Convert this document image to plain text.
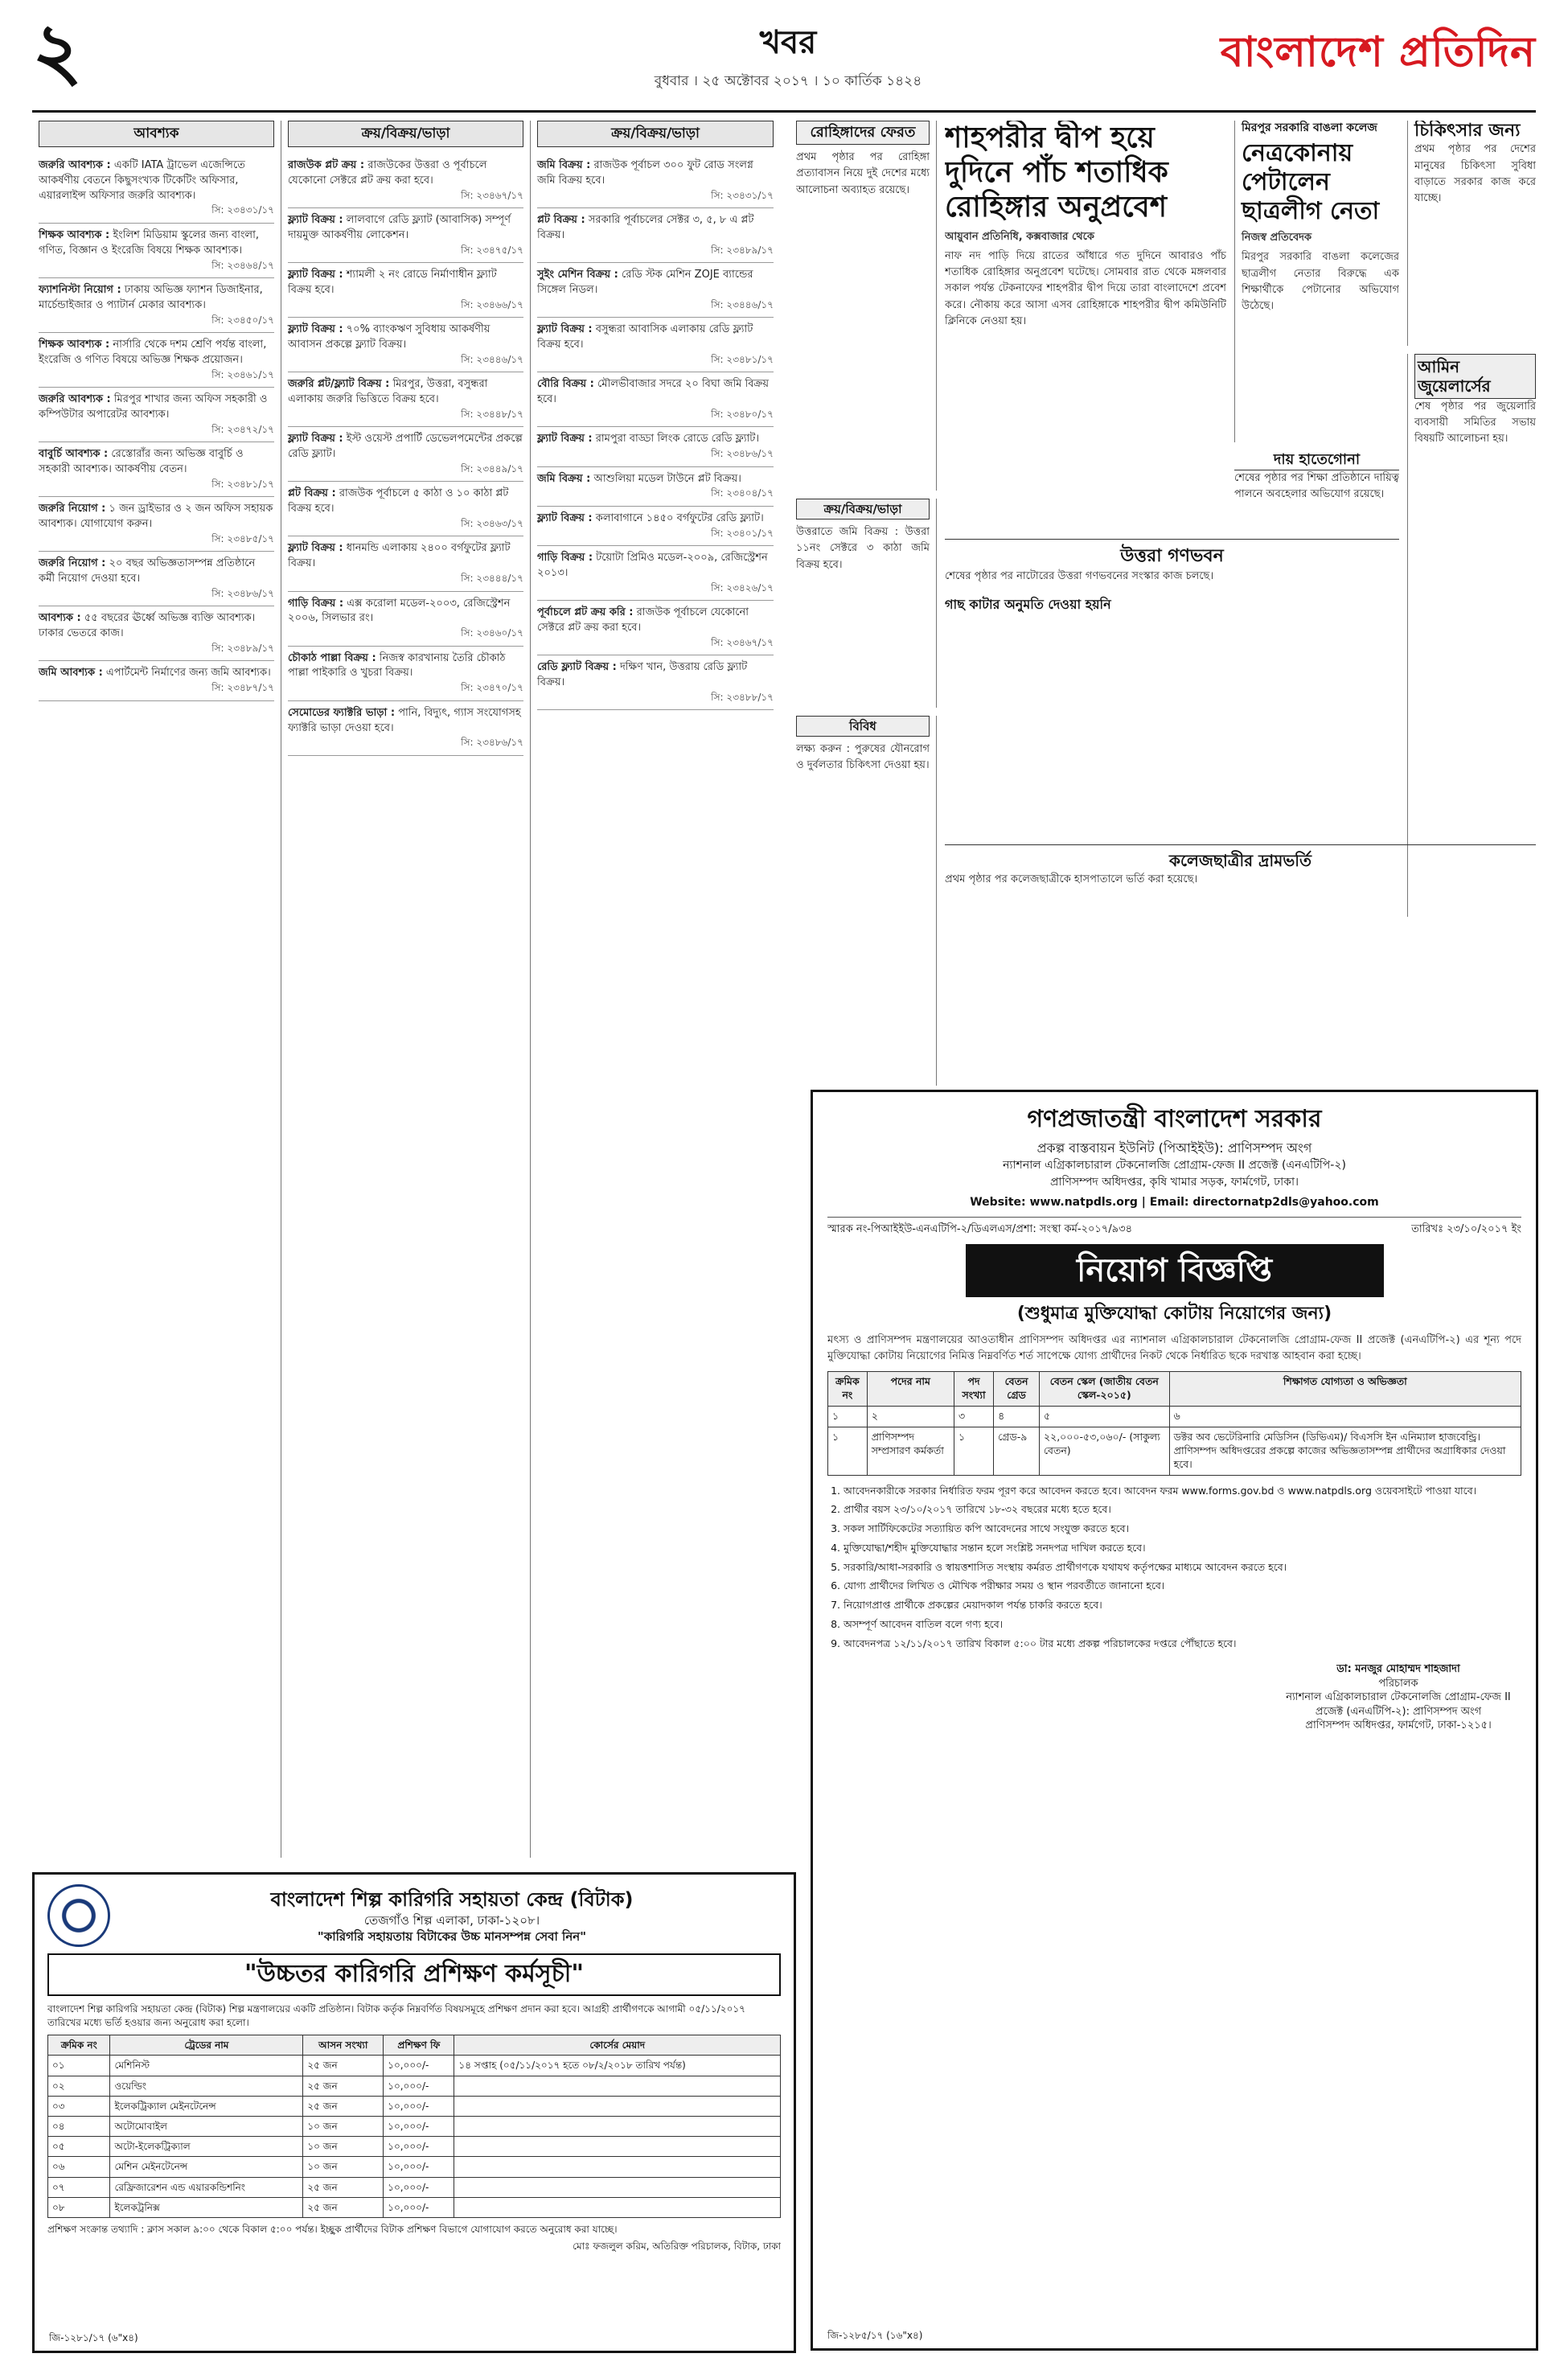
২	খবর
বুধবার । ২৫ অক্টোবর ২০১৭ । ১০ কার্তিক ১৪২৪
বাংলাদেশ প্রতিদিন
আবশ্যক
জরুরি আবশ্যক : একটি IATA ট্রাভেল এজেন্সিতে আকর্ষণীয় বেতনে কিছুসংখ্যক টিকেটিং অফিসার, এয়ারলাইন্স অফিসার জরুরি আবশ্যক।
সি: ২৩৪৩১/১৭
শিক্ষক আবশ্যক : ইংলিশ মিডিয়াম স্কুলের জন্য বাংলা, গণিত, বিজ্ঞান ও ইংরেজি বিষয়ে শিক্ষক আবশ্যক।
সি: ২৩৪৬৪/১৭
ফ্যাশনিস্টা নিয়োগ : ঢাকায় অভিজ্ঞ ফ্যাশন ডিজাইনার, মার্চেন্ডাইজার ও প্যাটার্ন মেকার আবশ্যক।
সি: ২৩৪৫০/১৭
শিক্ষক আবশ্যক : নার্সারি থেকে দশম শ্রেণি পর্যন্ত বাংলা, ইংরেজি ও গণিত বিষয়ে অভিজ্ঞ শিক্ষক প্রয়োজন।
সি: ২৩৪৬১/১৭
জরুরি আবশ্যক : মিরপুর শাখার জন্য অফিস সহকারী ও কম্পিউটার অপারেটর আবশ্যক।
সি: ২৩৪৭২/১৭
বাবুর্চি আবশ্যক : রেস্তোরাঁর জন্য অভিজ্ঞ বাবুর্চি ও সহকারী আবশ্যক। আকর্ষণীয় বেতন।
সি: ২৩৪৮১/১৭
জরুরি নিয়োগ : ১ জন ড্রাইভার ও ২ জন অফিস সহায়ক আবশ্যক। যোগাযোগ করুন।
সি: ২৩৪৮৫/১৭
জরুরি নিয়োগ : ২০ বছর অভিজ্ঞতাসম্পন্ন প্রতিষ্ঠানে কর্মী নিয়োগ দেওয়া হবে।
সি: ২৩৪৮৬/১৭
আবশ্যক : ৫৫ বছরের ঊর্ধ্বে অভিজ্ঞ ব্যক্তি আবশ্যক। ঢাকার ভেতরে কাজ।
সি: ২৩৪৮৯/১৭
জমি আবশ্যক : এপার্টমেন্ট নির্মাণের জন্য জমি আবশ্যক।
সি: ২৩৪৮৭/১৭
ক্রয়/বিক্রয়/ভাড়া
রাজউক প্লট ক্রয় : রাজউকের উত্তরা ও পূর্বাচলে যেকোনো সেক্টরে প্লট ক্রয় করা হবে।
সি: ২৩৪৬৭/১৭
ফ্ল্যাট বিক্রয় : লালবাগে রেডি ফ্ল্যাট (আবাসিক) সম্পূর্ণ দায়মুক্ত আকর্ষণীয় লোকেশন।
সি: ২৩৪৭৫/১৭
ফ্ল্যাট বিক্রয় : শ্যামলী ২ নং রোডে নির্মাণাধীন ফ্ল্যাট বিক্রয় হবে।
সি: ২৩৪৬৬/১৭
ফ্ল্যাট বিক্রয় : ৭০% ব্যাংকঋণ সুবিধায় আকর্ষণীয় আবাসন প্রকল্পে ফ্ল্যাট বিক্রয়।
সি: ২৩৪৪৬/১৭
জরুরি প্লট/ফ্ল্যাট বিক্রয় : মিরপুর, উত্তরা, বসুন্ধরা এলাকায় জরুরি ভিত্তিতে বিক্রয় হবে।
সি: ২৩৪৪৮/১৭
ফ্ল্যাট বিক্রয় : ইস্ট ওয়েস্ট প্রপার্টি ডেভেলপমেন্টের প্রকল্পে রেডি ফ্ল্যাট।
সি: ২৩৪৪৯/১৭
প্লট বিক্রয় : রাজউক পূর্বাচলে ৫ কাঠা ও ১০ কাঠা প্লট বিক্রয় হবে।
সি: ২৩৪৬৩/১৭
ফ্ল্যাট বিক্রয় : ধানমন্ডি এলাকায় ২৪০০ বর্গফুটের ফ্ল্যাট বিক্রয়।
সি: ২৩৪৪৪/১৭
গাড়ি বিক্রয় : এক্স করোলা মডেল-২০০৩, রেজিস্ট্রেশন ২০০৬, সিলভার রং।
সি: ২৩৪৬০/১৭
চৌকাঠ পাল্লা বিক্রয় : নিজস্ব কারখানায় তৈরি চৌকাঠ পাল্লা পাইকারি ও খুচরা বিক্রয়।
সি: ২৩৪৭০/১৭
সেমোডের ফ্যাক্টরি ভাড়া : পানি, বিদ্যুৎ, গ্যাস সংযোগসহ ফ্যাক্টরি ভাড়া দেওয়া হবে।
সি: ২৩৪৮৬/১৭
ক্রয়/বিক্রয়/ভাড়া
জমি বিক্রয় : রাজউক পূর্বাচল ৩০০ ফুট রোড সংলগ্ন জমি বিক্রয় হবে।
সি: ২৩৪৩১/১৭
প্লট বিক্রয় : সরকারি পূর্বাচলের সেক্টর ৩, ৫, ৮ এ প্লট বিক্রয়।
সি: ২৩৪৮৯/১৭
সুইং মেশিন বিক্রয় : রেডি স্টক মেশিন ZOJE ব্যান্ডের সিঙ্গেল নিডল।
সি: ২৩৪৪৬/১৭
ফ্ল্যাট বিক্রয় : বসুন্ধরা আবাসিক এলাকায় রেডি ফ্ল্যাট বিক্রয় হবে।
সি: ২৩৪৮১/১৭
বৌরি বিক্রয় : মৌলভীবাজার সদরে ২০ বিঘা জমি বিক্রয় হবে।
সি: ২৩৪৮০/১৭
ফ্ল্যাট বিক্রয় : রামপুরা বাড্ডা লিংক রোডে রেডি ফ্ল্যাট।
সি: ২৩৪৮৬/১৭
জমি বিক্রয় : আশুলিয়া মডেল টাউনে প্লট বিক্রয়।
সি: ২৩৪০৪/১৭
ফ্ল্যাট বিক্রয় : কলাবাগানে ১৪৫০ বর্গফুটের রেডি ফ্ল্যাট।
সি: ২৩৪০১/১৭
গাড়ি বিক্রয় : টয়োটা প্রিমিও মডেল-২০০৯, রেজিস্ট্রেশন ২০১৩।
সি: ২৩৪২৬/১৭
পূর্বাচলে প্লট ক্রয় করি : রাজউক পূর্বাচলে যেকোনো সেক্টরে প্লট ক্রয় করা হবে।
সি: ২৩৪৬৭/১৭
রেডি ফ্ল্যাট বিক্রয় : দক্ষিণ খান, উত্তরায় রেডি ফ্ল্যাট বিক্রয়।
সি: ২৩৪৮৮/১৭
রোহিঙ্গাদের ফেরত
প্রথম পৃষ্ঠার পর রোহিঙ্গা প্রত্যাবাসন নিয়ে দুই দেশের মধ্যে আলোচনা অব্যাহত রয়েছে।
শাহপরীর দ্বীপ হয়ে দুদিনে পাঁচ শতাধিক রোহিঙ্গার অনুপ্রবেশ
আয়ুবান প্রতিনিধি, কক্সবাজার থেকে
নাফ নদ পাড়ি দিয়ে রাতের আঁধারে গত দুদিনে আবারও পাঁচ শতাধিক রোহিঙ্গার অনুপ্রবেশ ঘটেছে। সোমবার রাত থেকে মঙ্গলবার সকাল পর্যন্ত টেকনাফের শাহপরীর দ্বীপ দিয়ে তারা বাংলাদেশে প্রবেশ করে। নৌকায় করে আসা এসব রোহিঙ্গাকে শাহপরীর দ্বীপ কমিউনিটি ক্লিনিকে নেওয়া হয়।
মিরপুর সরকারি বাঙলা কলেজ
নেত্রকোনায় পেটালেন ছাত্রলীগ নেতা
নিজস্ব প্রতিবেদক
মিরপুর সরকারি বাঙলা কলেজের ছাত্রলীগ নেতার বিরুদ্ধে এক শিক্ষার্থীকে পেটানোর অভিযোগ উঠেছে।
চিকিৎসার জন্য
প্রথম পৃষ্ঠার পর দেশের মানুষের চিকিৎসা সুবিধা বাড়াতে সরকার কাজ করে যাচ্ছে।
আমিন জুয়েলার্সের
শেষ পৃষ্ঠার পর জুয়েলারি ব্যবসায়ী সমিতির সভায় বিষয়টি আলোচনা হয়।
দায় হাতেগোনা
শেষের পৃষ্ঠার পর শিক্ষা প্রতিষ্ঠানে দায়িত্ব পালনে অবহেলার অভিযোগ রয়েছে।
উত্তরা গণভবন
শেষের পৃষ্ঠার পর নাটোরের উত্তরা গণভবনের সংস্কার কাজ চলছে।
গাছ কাটার অনুমতি দেওয়া হয়নি
ক্রয়/বিক্রয়/ভাড়া
উত্তরাতে জমি বিক্রয় : উত্তরা ১১নং সেক্টরে ৩ কাঠা জমি বিক্রয় হবে।
বিবিধ
লক্ষ্য করুন : পুরুষের যৌনরোগ ও দুর্বলতার চিকিৎসা দেওয়া হয়।
কলেজছাত্রীর দ্রামভর্তি
প্রথম পৃষ্ঠার পর কলেজছাত্রীকে হাসপাতালে ভর্তি করা হয়েছে।
গণপ্রজাতন্ত্রী বাংলাদেশ সরকার
প্রকল্প বাস্তবায়ন ইউনিট (পিআইইউ): প্রাণিসম্পদ অংগ
ন্যাশনাল এগ্রিকালচারাল টেকনোলজি প্রোগ্রাম-ফেজ II প্রজেক্ট (এনএটিপি-২)
প্রাণিসম্পদ অধিদপ্তর, কৃষি খামার সড়ক, ফার্মগেট, ঢাকা।
Website: www.natpdls.org | Email: directornatp2dls@yahoo.com
স্মারক নং-পিআইইউ-এনএটিপি-২/ডিএলএস/প্রশা: সংস্থা কর্ম-২০১৭/৯৩৪	তারিখঃ ২৩/১০/২০১৭ ইং
নিয়োগ বিজ্ঞপ্তি
(শুধুমাত্র মুক্তিযোদ্ধা কোটায় নিয়োগের জন্য)

মৎস্য ও প্রাণিসম্পদ মন্ত্রণালয়ের আওতাধীন প্রাণিসম্পদ অধিদপ্তর এর ন্যাশনাল এগ্রিকালচারাল টেকনোলজি প্রোগ্রাম-ফেজ II প্রজেক্ট (এনএটিপি-২) এর শূন্য পদে মুক্তিযোদ্ধা কোটায় নিয়োগের নিমিত্ত নিম্নবর্ণিত শর্ত সাপেক্ষে যোগ্য প্রার্থীদের নিকট থেকে নির্ধারিত ছকে দরখাস্ত আহবান করা হচ্ছে।

ক্রমিক নং	পদের নাম	পদ সংখ্যা	বেতন গ্রেড	বেতন স্কেল (জাতীয় বেতন স্কেল-২০১৫)	শিক্ষাগত যোগ্যতা ও অভিজ্ঞতা
১	২	৩	৪	৫	৬
১	প্রাণিসম্পদ সম্প্রসারণ কর্মকর্তা	১	গ্রেড-৯	২২,০০০-৫৩,০৬০/- (সাকুল্য বেতন)	ডক্টর অব ভেটেরিনারি মেডিসিন (ডিভিএম)/ বিএসসি ইন এনিম্যাল হাজবেন্ড্রি। প্রাণিসম্পদ অধিদপ্তরের প্রকল্পে কাজের অভিজ্ঞতাসম্পন্ন প্রার্থীদের অগ্রাধিকার দেওয়া হবে।
1. আবেদনকারীকে সরকার নির্ধারিত ফরম পূরণ করে আবেদন করতে হবে। আবেদন ফরম www.forms.gov.bd ও www.natpdls.org ওয়েবসাইটে পাওয়া যাবে।
2. প্রার্থীর বয়স ২৩/১০/২০১৭ তারিখে ১৮-৩২ বছরের মধ্যে হতে হবে।
3. সকল সার্টিফিকেটের সত্যায়িত কপি আবেদনের সাথে সংযুক্ত করতে হবে।
4. মুক্তিযোদ্ধা/শহীদ মুক্তিযোদ্ধার সন্তান হলে সংশ্লিষ্ট সনদপত্র দাখিল করতে হবে।
5. সরকারি/আধা-সরকারি ও স্বায়ত্তশাসিত সংস্থায় কর্মরত প্রার্থীগণকে যথাযথ কর্তৃপক্ষের মাধ্যমে আবেদন করতে হবে।
6. যোগ্য প্রার্থীদের লিখিত ও মৌখিক পরীক্ষার সময় ও স্থান পরবর্তীতে জানানো হবে।
7. নিয়োগপ্রাপ্ত প্রার্থীকে প্রকল্পের মেয়াদকাল পর্যন্ত চাকরি করতে হবে।
8. অসম্পূর্ণ আবেদন বাতিল বলে গণ্য হবে।
9. আবেদনপত্র ১২/১১/২০১৭ তারিখ বিকাল ৫:০০ টার মধ্যে প্রকল্প পরিচালকের দপ্তরে পৌঁছাতে হবে।
ডা: মনজুর মোহাম্মদ শাহজাদা
পরিচালক
ন্যাশনাল এগ্রিকালচারাল টেকনোলজি প্রোগ্রাম-ফেজ II প্রজেক্ট (এনএটিপি-২): প্রাণিসম্পদ অংগ
প্রাণিসম্পদ অধিদপ্তর, ফার্মগেট, ঢাকা-১২১৫।
জি-১২৮৫/১৭ (১৬"x৪)
বাংলাদেশ শিল্প কারিগরি সহায়তা কেন্দ্র (বিটাক)
তেজগাঁও শিল্প এলাকা, ঢাকা-১২০৮।
"কারিগরি সহায়তায় বিটাকের উচ্চ মানসম্পন্ন সেবা নিন"
"উচ্চতর কারিগরি প্রশিক্ষণ কর্মসূচী"

বাংলাদেশ শিল্প কারিগরি সহায়তা কেন্দ্র (বিটাক) শিল্প মন্ত্রণালয়ের একটি প্রতিষ্ঠান। বিটাক কর্তৃক নিম্নবর্ণিত বিষয়সমূহে প্রশিক্ষণ প্রদান করা হবে। আগ্রহী প্রার্থীগণকে আগামী ০৫/১১/২০১৭ তারিখের মধ্যে ভর্তি হওয়ার জন্য অনুরোধ করা হলো।

ক্রমিক নং	ট্রেডের নাম	আসন সংখ্যা	প্রশিক্ষণ ফি	কোর্সের মেয়াদ
০১	মেশিনিস্ট	২৫ জন	১০,০০০/-	১৪ সপ্তাহ (০৫/১১/২০১৭ হতে ০৮/২/২০১৮ তারিখ পর্যন্ত)
০২	ওয়েল্ডিং	২৫ জন	১০,০০০/-	
০৩	ইলেকট্রিক্যাল মেইনটেনেন্স	২৫ জন	১০,০০০/-	
০৪	অটোমোবাইল	১০ জন	১০,০০০/-	
০৫	অটো-ইলেকট্রিক্যাল	১০ জন	১০,০০০/-	
০৬	মেশিন মেইনটেনেন্স	১০ জন	১০,০০০/-	
০৭	রেফ্রিজারেশন এন্ড এয়ারকন্ডিশনিং	২৫ জন	১০,০০০/-	
০৮	ইলেকট্রনিক্স	২৫ জন	১০,০০০/-	

প্রশিক্ষণ সংক্রান্ত তথ্যাদি : ক্লাস সকাল ৯:০০ থেকে বিকাল ৫:০০ পর্যন্ত। ইচ্ছুক প্রার্থীদের বিটাক প্রশিক্ষণ বিভাগে যোগাযোগ করতে অনুরোধ করা যাচ্ছে।

মোঃ ফজলুল করিম, অতিরিক্ত পরিচালক, বিটাক, ঢাকা

জি-১২৮১/১৭ (৬"x৪)
